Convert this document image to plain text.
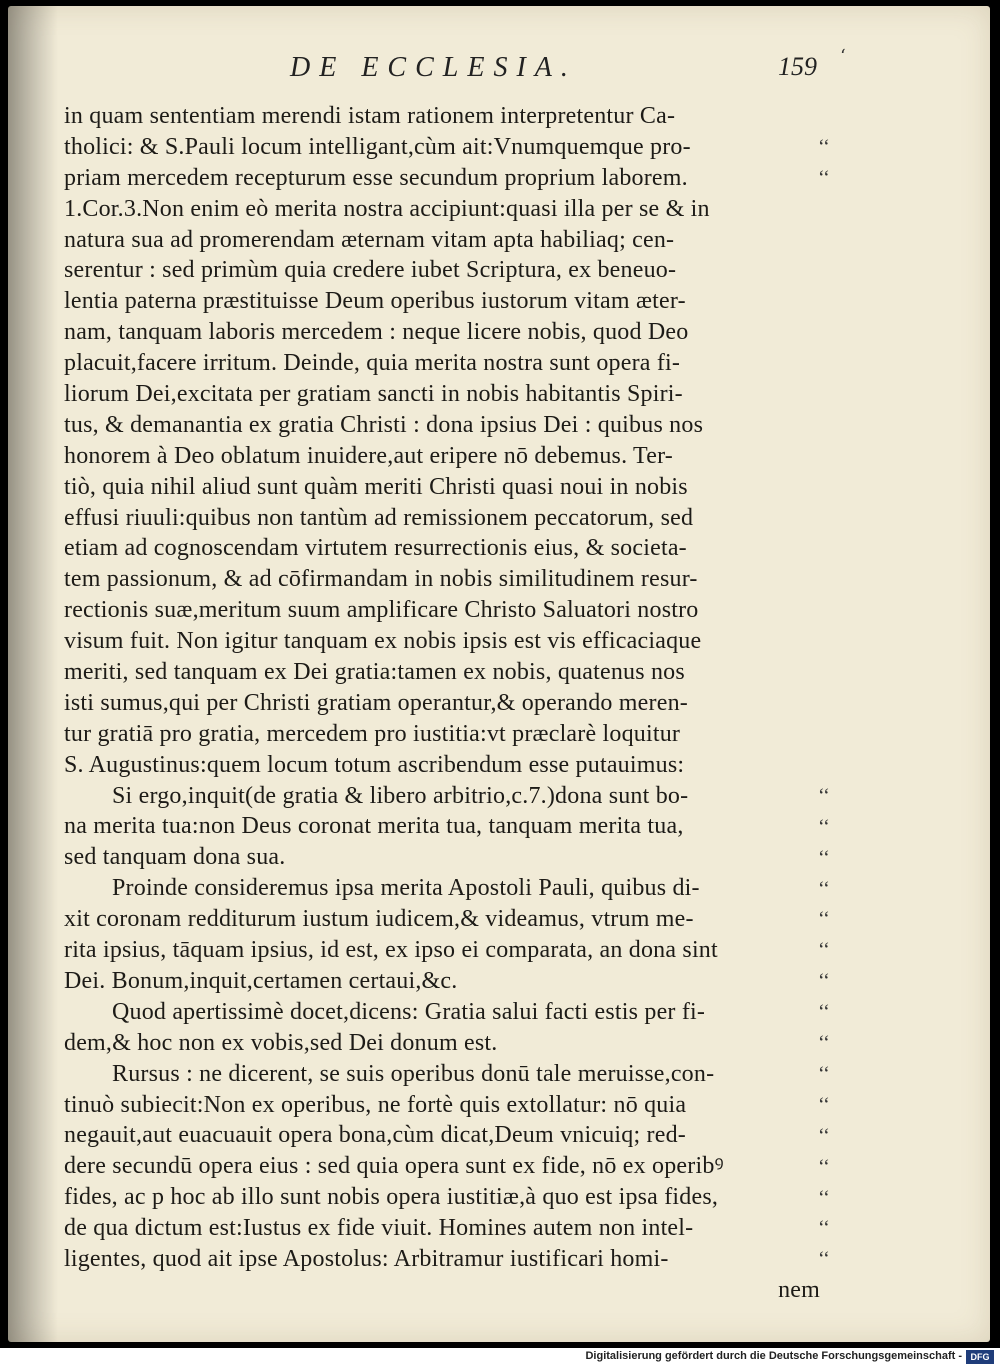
DE ECCLESIA.	159 ‘
in quam sententiam merendi istam rationem interpretentur Ca-
tholici: & S.Pauli locum intelligant,cùm ait:Vnumquemque pro-
priam mercedem recepturum esse secundum proprium laborem.
1.Cor.3.Non enim eò merita nostra accipiunt:quasi illa per se & in
natura sua ad promerendam æternam vitam apta habiliaq; cen-
serentur : sed primùm quia credere iubet Scriptura, ex beneuo-
lentia paterna præstituisse Deum operibus iustorum vitam æter-
nam, tanquam laboris mercedem : neque licere nobis, quod Deo
placuit,facere irritum. Deinde, quia merita nostra sunt opera fi-
liorum Dei,excitata per gratiam sancti in nobis habitantis Spiri-
tus, & demanantia ex gratia Christi : dona ipsius Dei : quibus nos
honorem à Deo oblatum inuidere,aut eripere nō debemus. Ter-
tiò, quia nihil aliud sunt quàm meriti Christi quasi noui in nobis
effusi riuuli:quibus non tantùm ad remissionem peccatorum, sed
etiam ad cognoscendam virtutem resurrectionis eius, & societa-
tem passionum, & ad cōfirmandam in nobis similitudinem resur-
rectionis suæ,meritum suum amplificare Christo Saluatori nostro
visum fuit. Non igitur tanquam ex nobis ipsis est vis efficaciaque
meriti, sed tanquam ex Dei gratia:tamen ex nobis, quatenus nos
isti sumus,qui per Christi gratiam operantur,& operando meren-
tur gratiā pro gratia, mercedem pro iustitia:vt præclarè loquitur
S. Augustinus:quem locum totum ascribendum esse putauimus:
Si ergo,inquit(de gratia & libero arbitrio,c.7.)dona sunt bo-
na merita tua:non Deus coronat merita tua, tanquam merita tua,
sed tanquam dona sua.
Proinde consideremus ipsa merita Apostoli Pauli, quibus di-
xit coronam redditurum iustum iudicem,& videamus, vtrum me-
rita ipsius, tāquam ipsius, id est, ex ipso ei comparata, an dona sint
Dei. Bonum,inquit,certamen certaui,&c.
Quod apertissimè docet,dicens: Gratia salui facti estis per fi-
dem,& hoc non ex vobis,sed Dei donum est.
Rursus : ne dicerent, se suis operibus donū tale meruisse,con-
tinuò subiecit:Non ex operibus, ne fortè quis extollatur: nō quia
negauit,aut euacuauit opera bona,cùm dicat,Deum vnicuiq; red-
dere secundū opera eius : sed quia opera sunt ex fide, nō ex operibꝰ
fides, ac p hoc ab illo sunt nobis opera iustitiæ,à quo est ipsa fides,
de qua dictum est:Iustus ex fide viuit. Homines autem non intel-
ligentes, quod ait ipse Apostolus: Arbitramur iustificari homi-
nem
‘‘
‘‘
‘‘
‘‘
‘‘
‘‘
‘‘
‘‘
‘‘
‘‘
‘‘
‘‘
‘‘
‘‘
‘‘
‘‘
‘‘
‘‘
Digitalisierung gefördert durch die Deutsche Forschungsgemeinschaft - DFG
